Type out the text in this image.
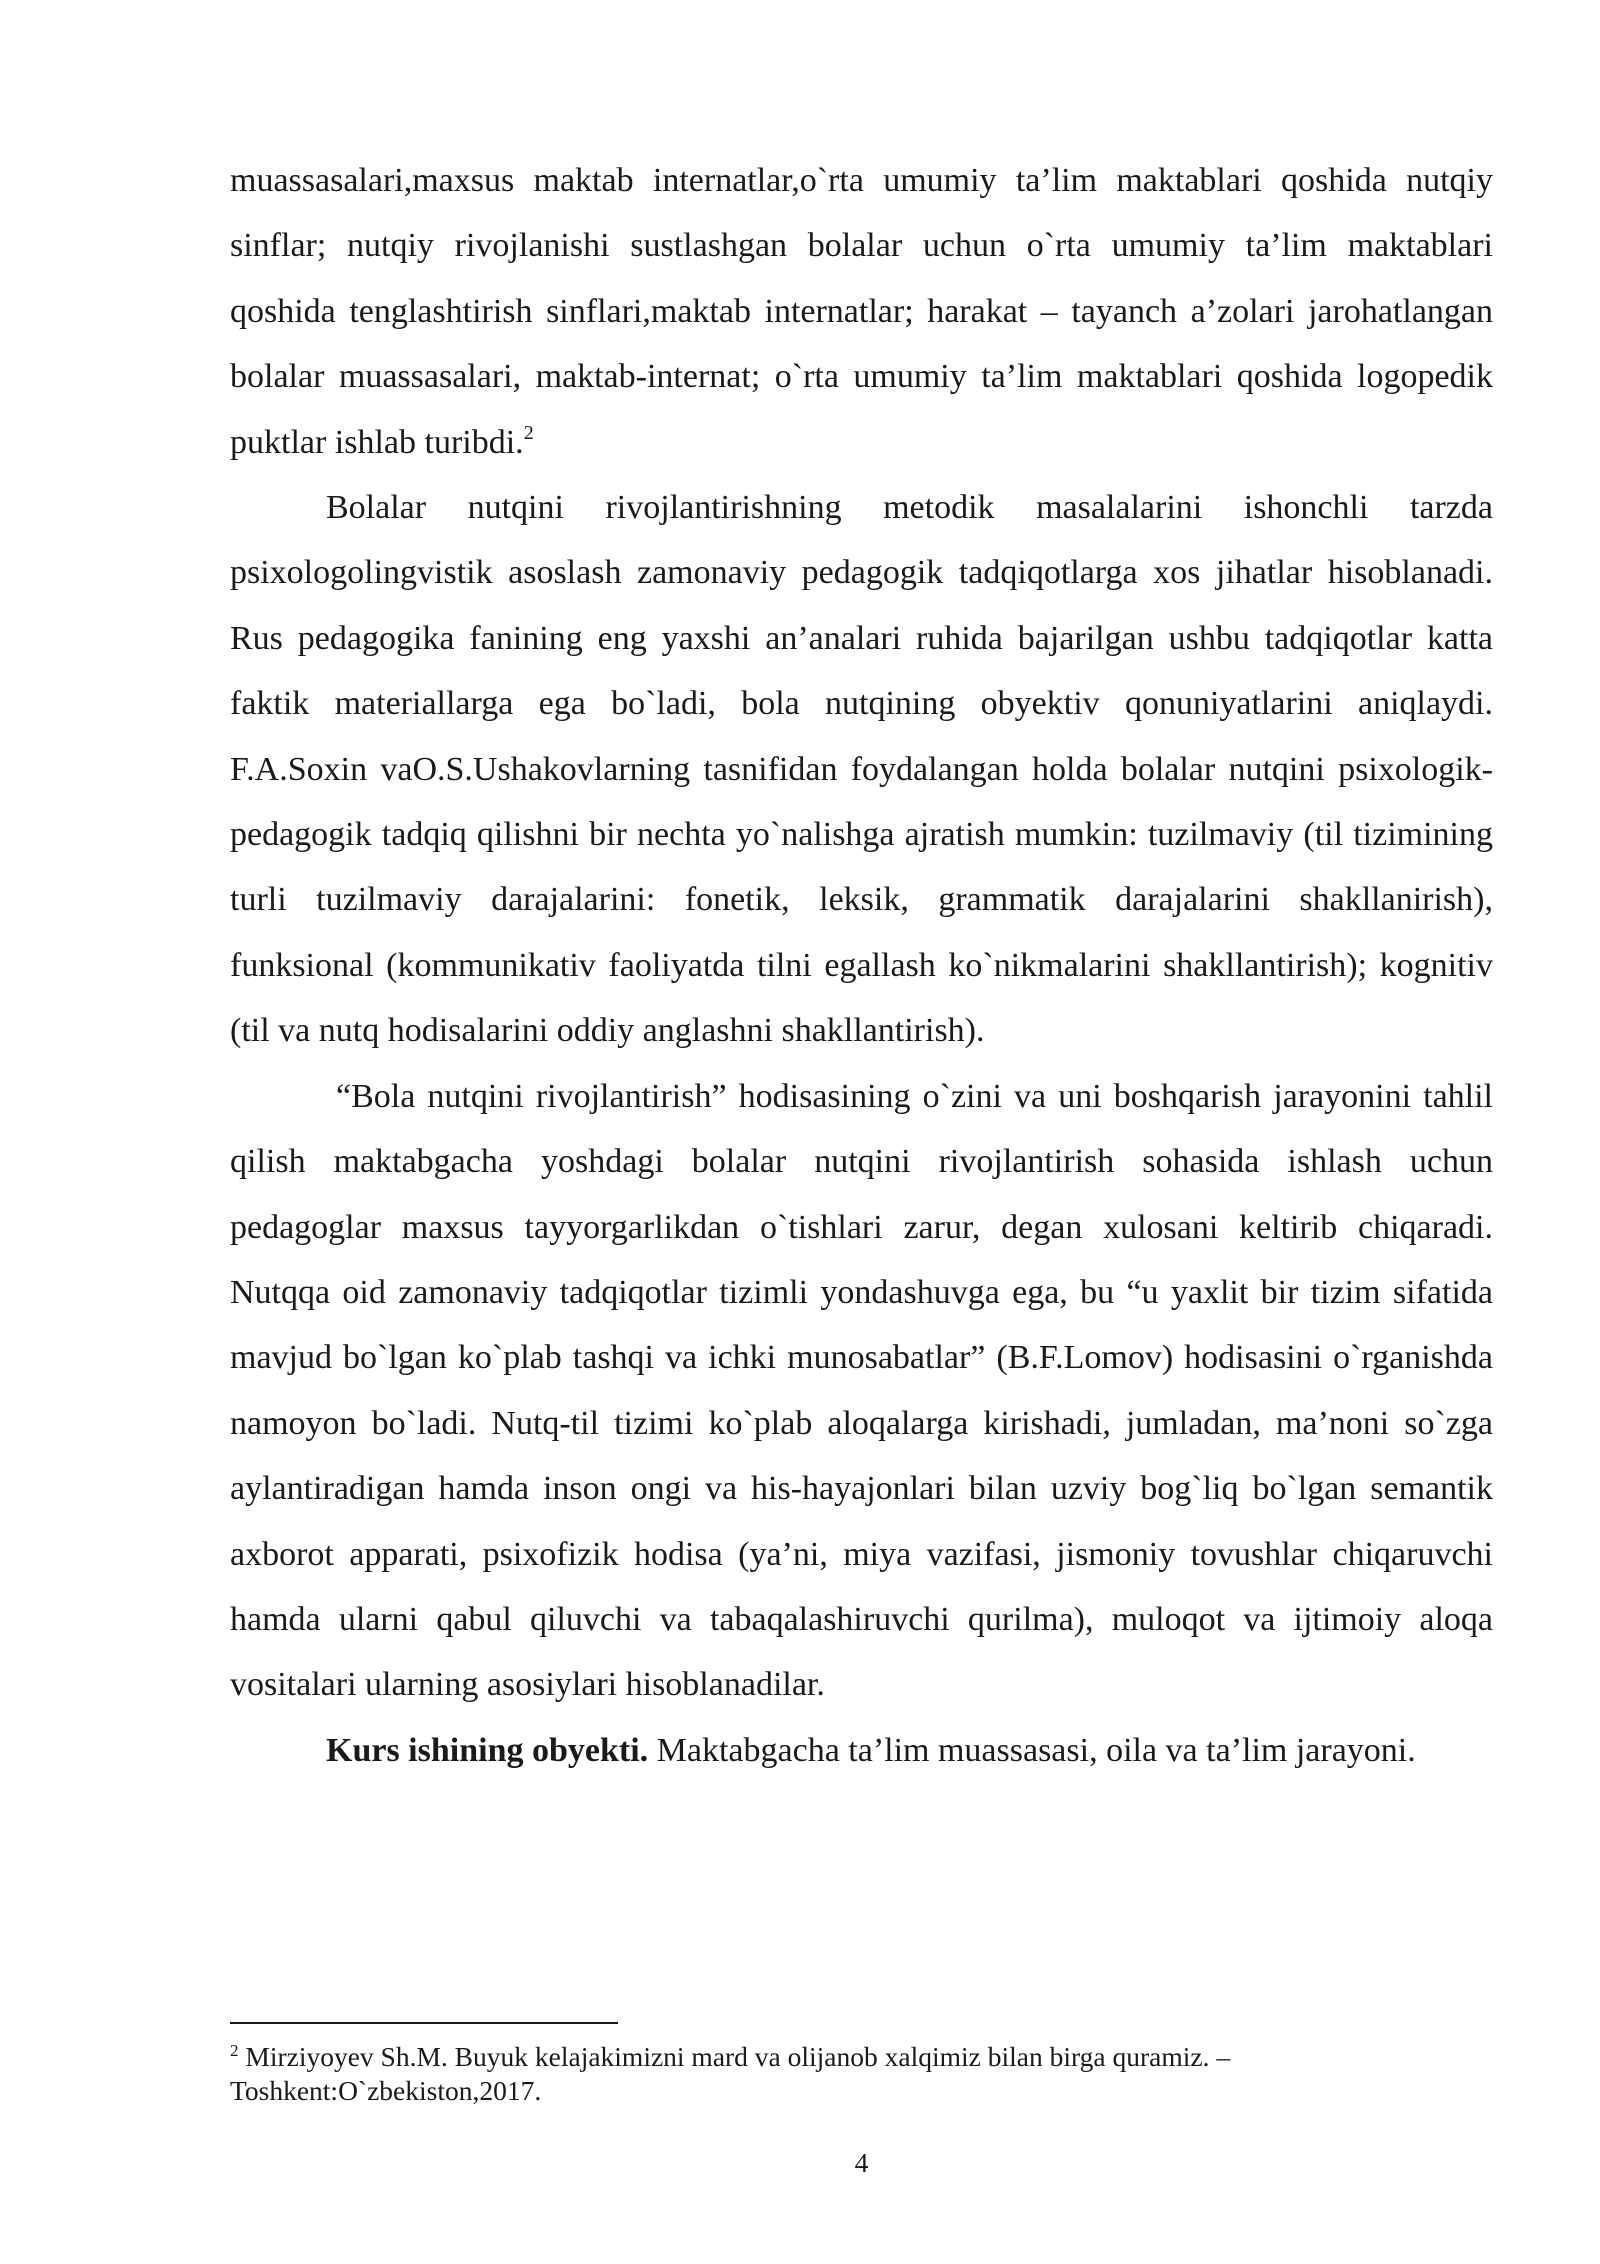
muassasalari,maxsus maktab internatlar,o`rta umumiy ta’lim maktablari qoshida nutqiy sinflar; nutqiy rivojlanishi sustlashgan bolalar uchun o`rta umumiy ta’lim maktablari qoshida tenglashtirish sinflari,maktab internatlar; harakat – tayanch a’zolari jarohatlangan bolalar muassasalari, maktab-internat; o`rta umumiy ta’lim maktablari qoshida logopedik puktlar ishlab turibdi.$^2$

Bolalar nutqini rivojlantirishning metodik masalalarini ishonchli tarzda psixologolingvistik asoslash zamonaviy pedagogik tadqiqotlarga xos jihatlar hisoblanadi. Rus pedagogika fanining eng yaxshi an’analari ruhida bajarilgan ushbu tadqiqotlar katta faktik materiallarga ega bo`ladi, bola nutqining obyektiv qonuniyatlarini aniqlaydi. F.A.Soxin vaO.S.Ushakovlarning tasnifidan foydalangan holda bolalar nutqini psixologik-pedagogik tadqiq qilishni bir nechta yo`nalishga ajratish mumkin: tuzilmaviy (til tizimining turli tuzilmaviy darajalarini: fonetik, leksik, grammatik darajalarini shakllanirish), funksional (kommunikativ faoliyatda tilni egallash ko`nikmalarini shakllantirish); kognitiv (til va nutq hodisalarini oddiy anglashni shakllantirish).

“Bola nutqini rivojlantirish” hodisasining o`zini va uni boshqarish jarayonini tahlil qilish maktabgacha yoshdagi bolalar nutqini rivojlantirish sohasida ishlash uchun pedagoglar maxsus tayyorgarlikdan o`tishlari zarur, degan xulosani keltirib chiqaradi. Nutqqa oid zamonaviy tadqiqotlar tizimli yondashuvga ega, bu “u yaxlit bir tizim sifatida mavjud bo`lgan ko`plab tashqi va ichki munosabatlar” (B.F.Lomov) hodisasini o`rganishda namoyon bo`ladi. Nutq-til tizimi ko`plab aloqalarga kirishadi, jumladan, ma’noni so`zga aylantiradigan hamda inson ongi va his-hayajonlari bilan uzviy bog`liq bo`lgan semantik axborot apparati, psixofizik hodisa (ya’ni, miya vazifasi, jismoniy tovushlar chiqaruvchi hamda ularni qabul qiluvchi va tabaqalashiruvchi qurilma), muloqot va ijtimoiy aloqa vositalari ularning asosiylari hisoblanadilar.

Kurs ishining obyekti. Maktabgacha ta’lim muassasasi, oila va ta’lim jarayoni.

$^2$ Mirziyoyev Sh.M. Buyuk kelajakimizni mard va olijanob xalqimiz bilan birga quramiz. – Toshkent:O`zbekiston,2017.
4
